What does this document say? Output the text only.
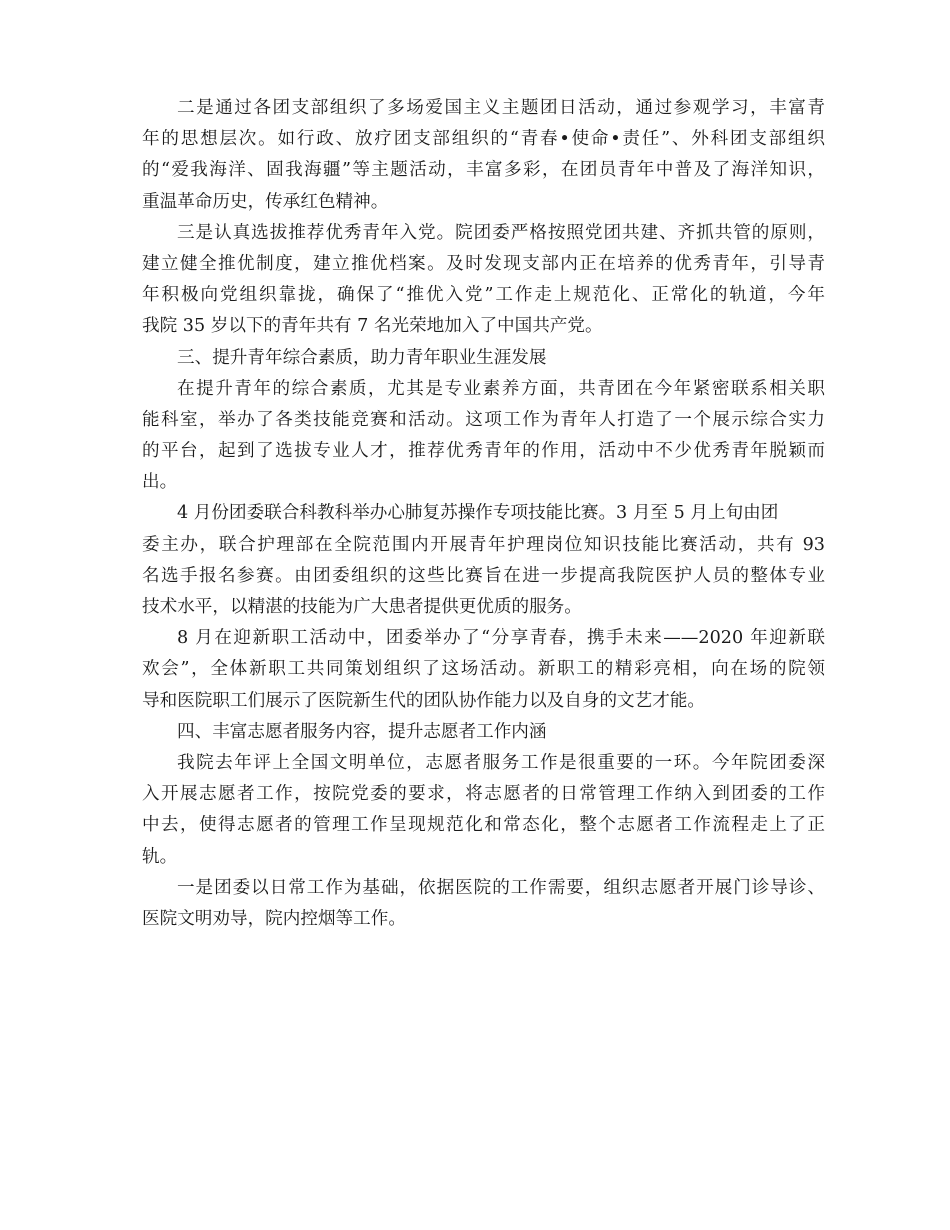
二是通过各团支部组织了多场爱国主义主题团日活动，通过参观学习，丰富青
年的思想层次。如行政、放疗团支部组织的“青春•使命•责任”、外科团支部组织
的“爱我海洋、固我海疆”等主题活动，丰富多彩，在团员青年中普及了海洋知识，
重温革命历史，传承红色精神。
三是认真选拔推荐优秀青年入党。院团委严格按照党团共建、齐抓共管的原则，
建立健全推优制度，建立推优档案。及时发现支部内正在培养的优秀青年，引导青
年积极向党组织靠拢，确保了“推优入党”工作走上规范化、正常化的轨道，今年
我院 35 岁以下的青年共有 7 名光荣地加入了中国共产党。
三、提升青年综合素质，助力青年职业生涯发展
在提升青年的综合素质，尤其是专业素养方面，共青团在今年紧密联系相关职
能科室，举办了各类技能竞赛和活动。这项工作为青年人打造了一个展示综合实力
的平台，起到了选拔专业人才，推荐优秀青年的作用，活动中不少优秀青年脱颖而
出。
4 月份团委联合科教科举办心肺复苏操作专项技能比赛。3 月至 5 月上旬由团
委主办，联合护理部在全院范围内开展青年护理岗位知识技能比赛活动，共有 93
名选手报名参赛。由团委组织的这些比赛旨在进一步提高我院医护人员的整体专业
技术水平，以精湛的技能为广大患者提供更优质的服务。
8 月在迎新职工活动中，团委举办了“分享青春，携手未来——2020 年迎新联
欢会”，全体新职工共同策划组织了这场活动。新职工的精彩亮相，向在场的院领
导和医院职工们展示了医院新生代的团队协作能力以及自身的文艺才能。
四、丰富志愿者服务内容，提升志愿者工作内涵
我院去年评上全国文明单位，志愿者服务工作是很重要的一环。今年院团委深
入开展志愿者工作，按院党委的要求，将志愿者的日常管理工作纳入到团委的工作
中去，使得志愿者的管理工作呈现规范化和常态化，整个志愿者工作流程走上了正
轨。
一是团委以日常工作为基础，依据医院的工作需要，组织志愿者开展门诊导诊、
医院文明劝导，院内控烟等工作。
